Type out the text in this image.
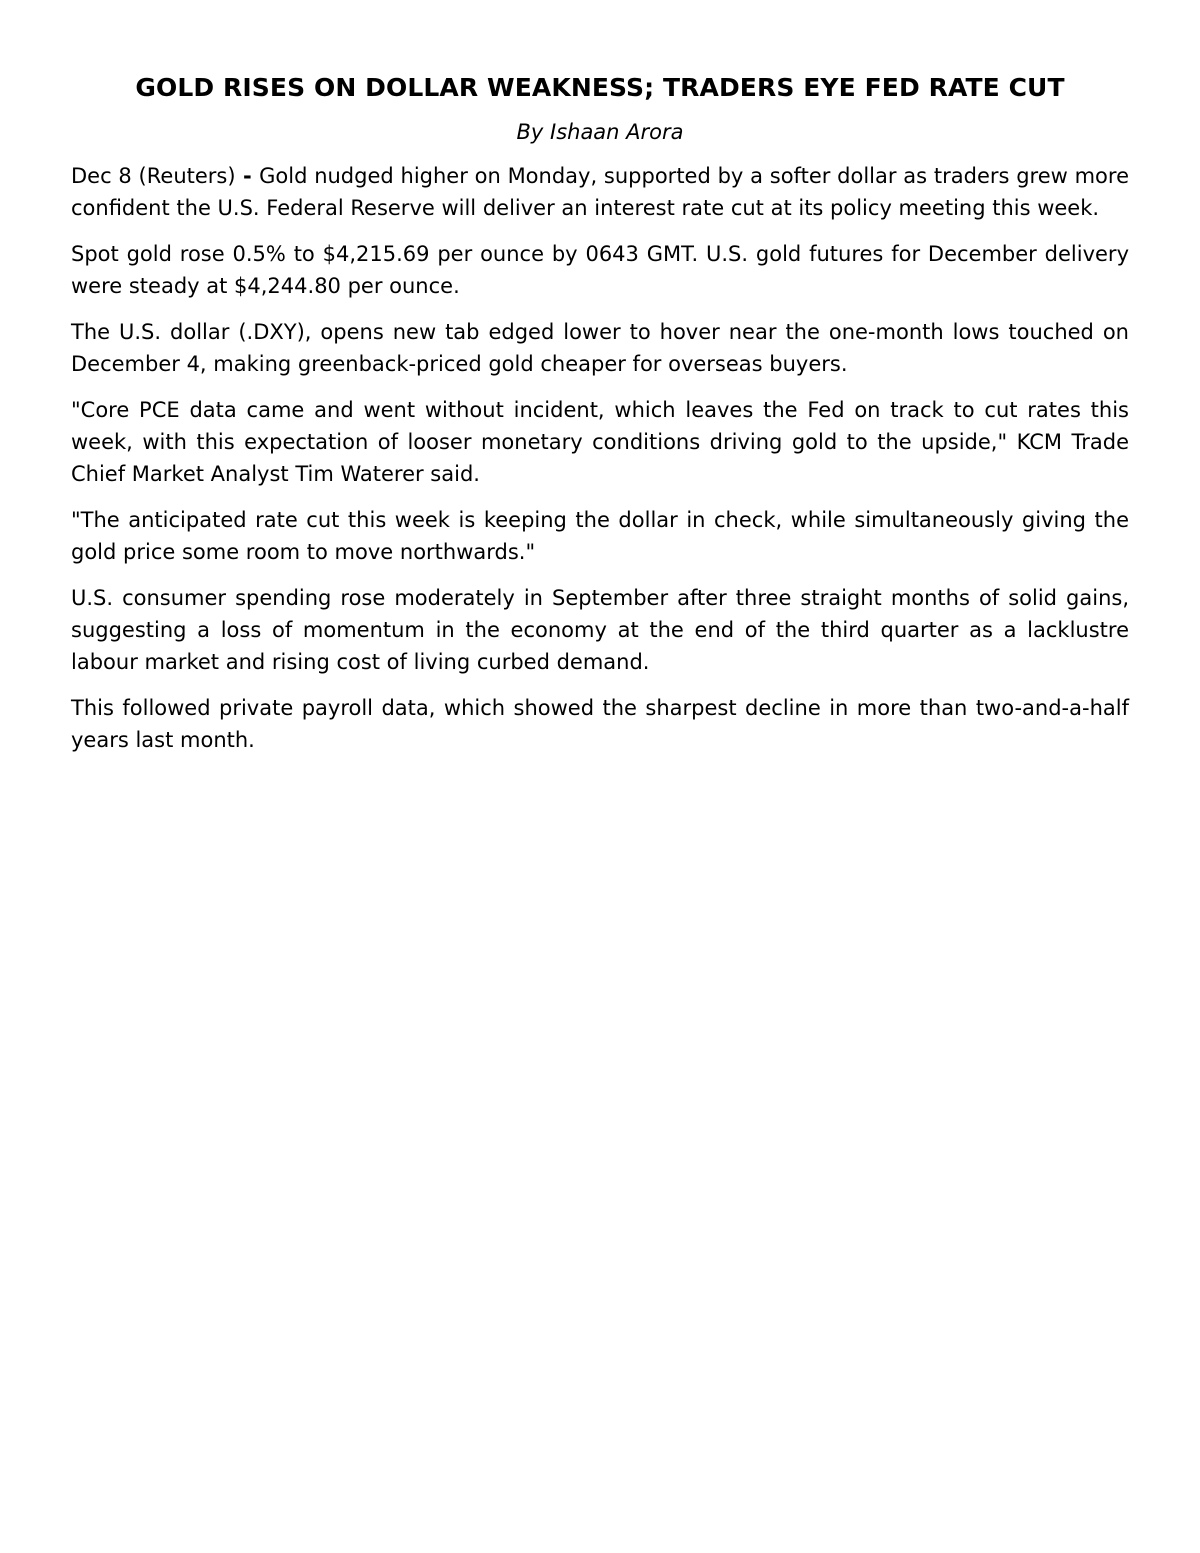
GOLD RISES ON DOLLAR WEAKNESS; TRADERS EYE FED RATE CUT

By Ishaan Arora

Dec 8 (Reuters) - Gold nudged higher on Monday, supported by a softer dollar as traders grew more confident the U.S. Federal Reserve will deliver an interest rate cut at its policy meeting this week.

Spot gold rose 0.5% to $4,215.69 per ounce by 0643 GMT. U.S. gold futures for December delivery were steady at $4,244.80 per ounce.

The U.S. dollar (.DXY), opens new tab edged lower to hover near the one-month lows touched on December 4, making greenback-priced gold cheaper for overseas buyers.

"Core PCE data came and went without incident, which leaves the Fed on track to cut rates this week, with this expectation of looser monetary conditions driving gold to the upside," KCM Trade Chief Market Analyst Tim Waterer said.

"The anticipated rate cut this week is keeping the dollar in check, while simultaneously giving the gold price some room to move northwards."

U.S. consumer spending rose moderately in September after three straight months of solid gains, suggesting a loss of momentum in the economy at the end of the third quarter as a lacklustre labour market and rising cost of living curbed demand.

This followed private payroll data, which showed the sharpest decline in more than two-and-a-half years last month.
